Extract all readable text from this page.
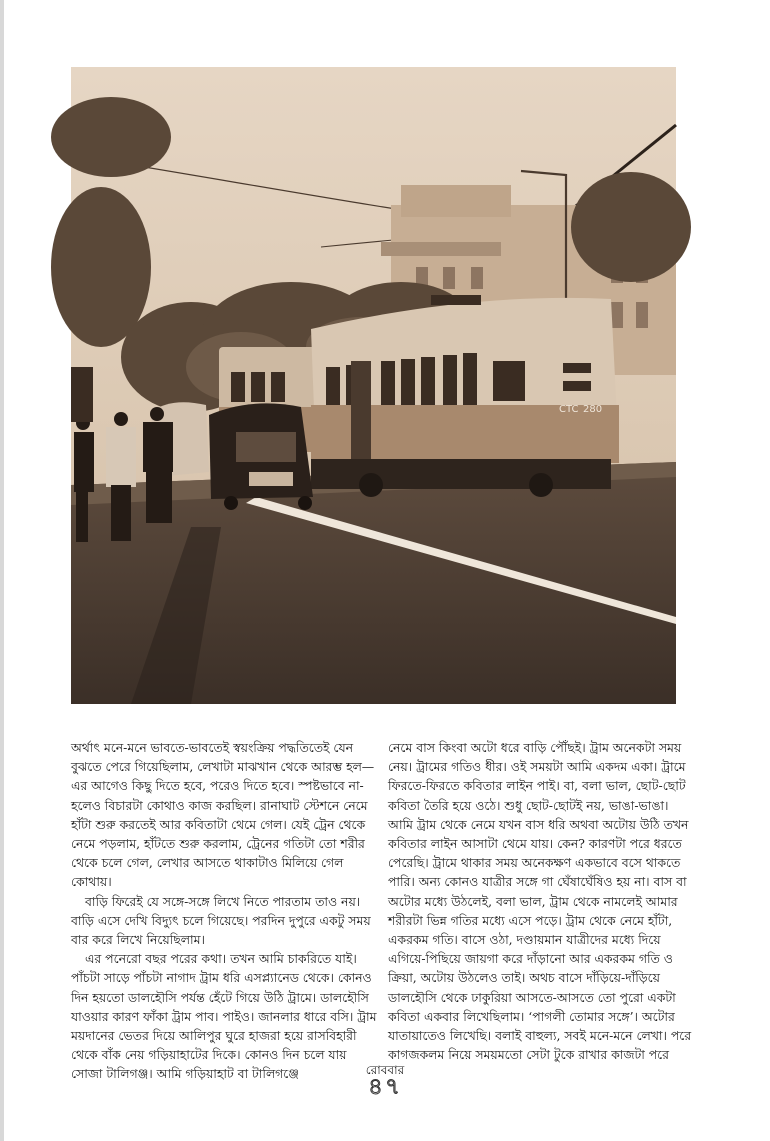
CTC 280

অর্থাৎ মনে-মনে ভাবতে-ভাবতেই স্বয়ংক্রিয় পদ্ধতিতেই যেন বুঝতে পেরে গিয়েছিলাম, লেখাটা মাঝখান থেকে আরম্ভ হল—এর আগেও কিছু দিতে হবে, পরেও দিতে হবে। স্পষ্টভাবে না-হলেও বিচারটা কোথাও কাজ করছিল। রানাঘাট স্টেশনে নেমে হাঁটা শুরু করতেই আর কবিতাটা থেমে গেল। যেই ট্রেন থেকে নেমে পড়লাম, হাঁটতে শুরু করলাম, ট্রেনের গতিটা তো শরীর থেকে চলে গেল, লেখার আসতে থাকাটাও মিলিয়ে গেল কোথায়।

বাড়ি ফিরেই যে সঙ্গে-সঙ্গে লিখে নিতে পারতাম তাও নয়। বাড়ি এসে দেখি বিদ্যুৎ চলে গিয়েছে। পরদিন দুপুরে একটু সময় বার করে লিখে নিয়েছিলাম।

এর পনেরো বছর পরের কথা। তখন আমি চাকরিতে যাই। পাঁচটা সাড়ে পাঁচটা নাগাদ ট্রাম ধরি এসপ্ল্যানেড থেকে। কোনও দিন হয়তো ডালহৌসি পর্যন্ত হেঁটে গিয়ে উঠি ট্রামে। ডালহৌসি যাওয়ার কারণ ফাঁকা ট্রাম পাব। পাইও। জানলার ধারে বসি। ট্রাম ময়দানের ভেতর দিয়ে আলিপুর ঘুরে হাজরা হয়ে রাসবিহারী থেকে বাঁক নেয় গড়িয়াহাটের দিকে। কোনও দিন চলে যায় সোজা টালিগঞ্জ। আমি গড়িয়াহাট বা টালিগঞ্জে

নেমে বাস কিংবা অটো ধরে বাড়ি পৌঁছই। ট্রাম অনেকটা সময় নেয়। ট্রামের গতিও ধীর। ওই সময়টা আমি একদম একা। ট্রামে ফিরতে-ফিরতে কবিতার লাইন পাই। বা, বলা ভাল, ছোট-ছোট কবিতা তৈরি হয়ে ওঠে। শুধু ছোট-ছোটই নয়, ভাঙা-ভাঙা। আমি ট্রাম থেকে নেমে যখন বাস ধরি অথবা অটোয় উঠি তখন কবিতার লাইন আসাটা থেমে যায়। কেন? কারণটা পরে ধরতে পেরেছি। ট্রামে থাকার সময় অনেকক্ষণ একভাবে বসে থাকতে পারি। অন্য কোনও যাত্রীর সঙ্গে গা ঘেঁষাঘেঁষিও হয় না। বাস বা অটোর মধ্যে উঠলেই, বলা ভাল, ট্রাম থেকে নামলেই আমার শরীরটা ভিন্ন গতির মধ্যে এসে পড়ে। ট্রাম থেকে নেমে হাঁটা, একরকম গতি। বাসে ওঠা, দণ্ডায়মান যাত্রীদের মধ্যে দিয়ে এগিয়ে-পিছিয়ে জায়গা করে দাঁড়ানো আর একরকম গতি ও ক্রিয়া, অটোয় উঠলেও তাই। অথচ বাসে দাঁড়িয়ে-দাঁড়িয়ে ডালহৌসি থেকে ঢাকুরিয়া আসতে-আসতে তো পুরো একটা কবিতা একবার লিখেছিলাম। ‘পাগলী তোমার সঙ্গে’। অটোর যাতায়াতেও লিখেছি। বলাই বাহুল্য, সবই মনে-মনে লেখা। পরে কাগজকলম নিয়ে সময়মতো সেটা টুকে রাখার কাজটা পরে

রোববার
৪৭
